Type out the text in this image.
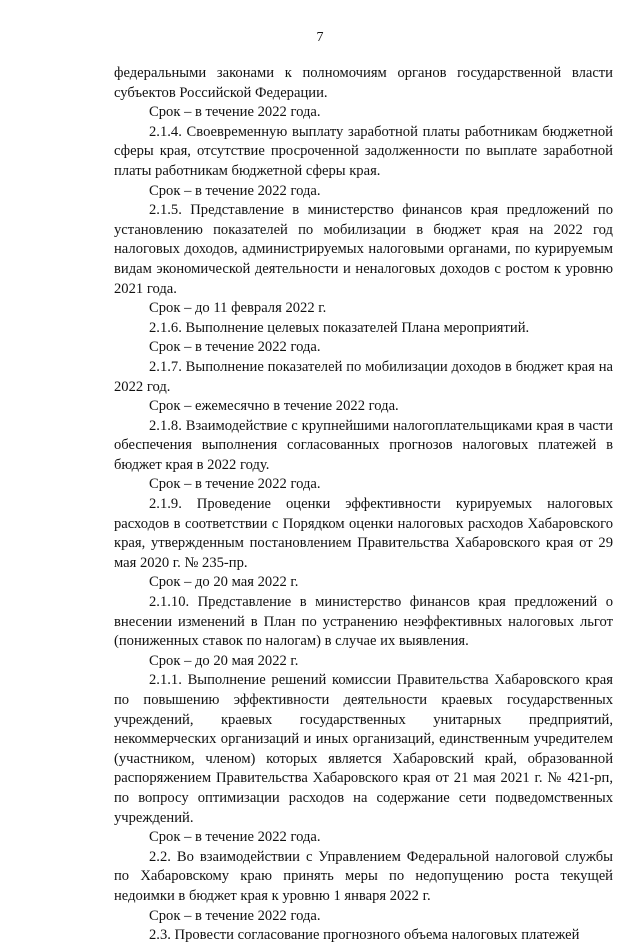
7

федеральными законами к полномочиям органов государственной власти субъектов Российской Федерации.

Срок – в течение 2022 года.

2.1.4. Своевременную выплату заработной платы работникам бюджетной сферы края, отсутствие просроченной задолженности по выплате заработной платы работникам бюджетной сферы края.

Срок – в течение 2022 года.

2.1.5. Представление в министерство финансов края предложений по установлению показателей по мобилизации в бюджет края на 2022 год налоговых доходов, администрируемых налоговыми органами, по курируемым видам экономической деятельности и неналоговых доходов с ростом к уровню 2021 года.

Срок – до 11 февраля 2022 г.

2.1.6. Выполнение целевых показателей Плана мероприятий.

Срок – в течение 2022 года.

2.1.7. Выполнение показателей по мобилизации доходов в бюджет края на 2022 год.

Срок – ежемесячно в течение 2022 года.

2.1.8. Взаимодействие с крупнейшими налогоплательщиками края в части обеспечения выполнения согласованных прогнозов налоговых платежей в бюджет края в 2022 году.

Срок – в течение 2022 года.

2.1.9. Проведение оценки эффективности курируемых налоговых расходов в соответствии с Порядком оценки налоговых расходов Хабаровского края, утвержденным постановлением Правительства Хабаровского края от 29 мая 2020 г. № 235-пр.

Срок – до 20 мая 2022 г.

2.1.10. Представление в министерство финансов края предложений о внесении изменений в План по устранению неэффективных налоговых льгот (пониженных ставок по налогам) в случае их выявления.

Срок – до 20 мая 2022 г.

2.1.1. Выполнение решений комиссии Правительства Хабаровского края по повышению эффективности деятельности краевых государственных учреждений, краевых государственных унитарных предприятий, некоммерческих организаций и иных организаций, единственным учредителем (участником, членом) которых является Хабаровский край, образованной распоряжением Правительства Хабаровского края от 21 мая 2021 г. № 421-рп, по вопросу оптимизации расходов на содержание сети подведомственных учреждений.

Срок – в течение 2022 года.

2.2. Во взаимодействии с Управлением Федеральной налоговой службы по Хабаровскому краю принять меры по недопущению роста текущей недоимки в бюджет края к уровню 1 января 2022 г.

Срок – в течение 2022 года.

2.3. Провести согласование прогнозного объема налоговых платежей
